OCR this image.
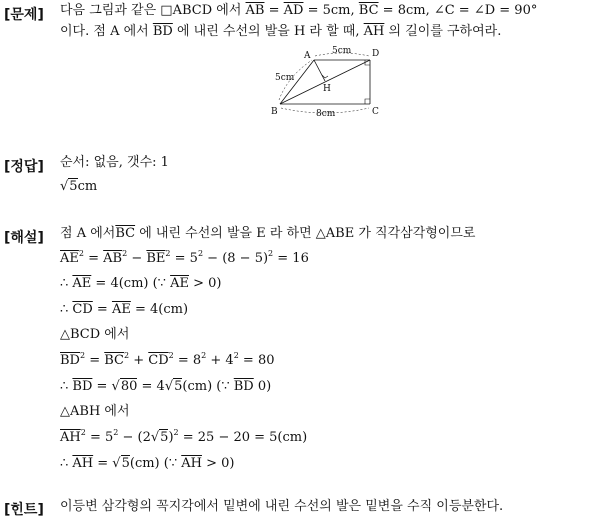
[문제]
[정답]
[해설]
[힌트]
다음 그림과 같은 □ABCD 에서 $\overline{AB} = \overline{AD} = 5cm$, $\overline{BC} = 8cm$, ∠C = ∠D = 90°
이다. 점 A 에서 $\overline{BD}$ 에 내린 수선의 발을 H 라 할 때, $\overline{AH}$ 의 길이를 구하여라.
A
B	C
D
H
5cm
5cm
8cm
순서: 없음, 갯수: 1
√5cm
점 A 에서$\overline{BC}$ 에 내린 수선의 발을 E 라 하면 △ABE 가 직각삼각형이므로
$\overline{AE}^2 = \overline{AB}^2 - \overline{BE}^2 = 5^2 - (8 - 5)^2 = 16$
∴ $\overline{AE} = 4(cm)$ (∵ $\overline{AE} > 0$)
∴ $\overline{CD} = \overline{AE} = 4(cm)$
△BCD 에서
$\overline{BD}^2 = \overline{BC}^2 + \overline{CD}^2 = 8^2 + 4^2 = 80$
∴ $\overline{BD} = √80 = 4√5(cm)$ (∵ $\overline{BD}$ 0)
△ABH 에서
$\overline{AH}^2 = 5^2 - (2√5)^2 = 25 - 20 = 5(cm)$
∴ $\overline{AH} = √5(cm)$ (∵ $\overline{AH} > 0$)
이등변 삼각형의 꼭지각에서 밑변에 내린 수선의 발은 밑변을 수직 이등분한다.
